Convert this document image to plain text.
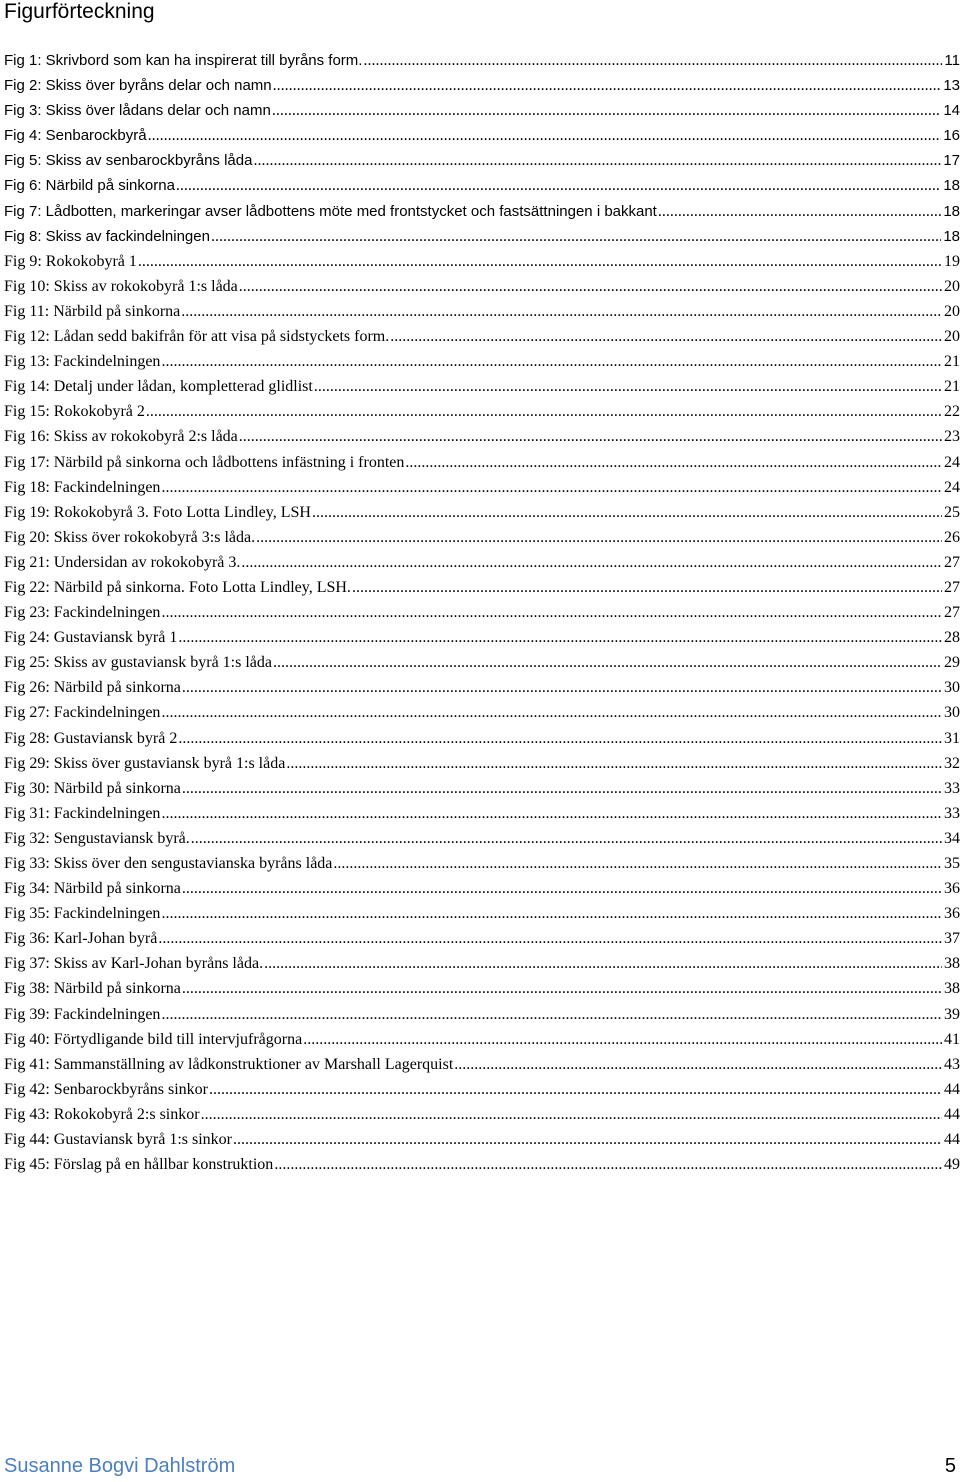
Figurförteckning
Fig 1: Skrivbord som kan ha inspirerat till byråns form. .....	11
Fig 2: Skiss över byråns delar och namn .....	13
Fig 3: Skiss över lådans delar och namn .....	14
Fig 4: Senbarockbyrå .....	16
Fig 5: Skiss av senbarockbyråns låda .....	17
Fig 6: Närbild på sinkorna .....	18
Fig 7: Lådbotten, markeringar avser lådbottens möte med frontstycket och fastsättningen i bakkant .....	18
Fig 8: Skiss av fackindelningen .....	18
Fig 9: Rokokobyrå 1 .....	19
Fig 10: Skiss av rokokobyrå 1:s låda .....	20
Fig 11: Närbild på sinkorna .....	20
Fig 12: Lådan sedd bakifrån för att visa på sidstyckets form. .....	20
Fig 13: Fackindelningen .....	21
Fig 14: Detalj under lådan, kompletterad glidlist .....	21
Fig 15: Rokokobyrå 2 .....	22
Fig 16: Skiss av rokokobyrå 2:s låda .....	23
Fig 17: Närbild på sinkorna och lådbottens infästning i fronten .....	24
Fig 18: Fackindelningen .....	24
Fig 19: Rokokobyrå 3. Foto Lotta Lindley, LSH .....	25
Fig 20: Skiss över rokokobyrå 3:s låda. .....	26
Fig 21: Undersidan av rokokobyrå 3. .....	27
Fig 22: Närbild på sinkorna. Foto Lotta Lindley, LSH. .....	27
Fig 23: Fackindelningen .....	27
Fig 24: Gustaviansk byrå 1 .....	28
Fig 25: Skiss av gustaviansk byrå 1:s låda .....	29
Fig 26: Närbild på sinkorna .....	30
Fig 27: Fackindelningen .....	30
Fig 28: Gustaviansk byrå 2 .....	31
Fig 29: Skiss över gustaviansk byrå 1:s låda .....	32
Fig 30: Närbild på sinkorna .....	33
Fig 31: Fackindelningen .....	33
Fig 32: Sengustaviansk byrå. .....	34
Fig 33: Skiss över den sengustavianska byråns låda .....	35
Fig 34: Närbild på sinkorna .....	36
Fig 35: Fackindelningen .....	36
Fig 36: Karl-Johan byrå .....	37
Fig 37: Skiss av Karl-Johan byråns låda. .....	38
Fig 38: Närbild på sinkorna .....	38
Fig 39: Fackindelningen .....	39
Fig 40: Förtydligande bild till intervjufrågorna .....	41
Fig 41: Sammanställning av lådkonstruktioner av Marshall Lagerquist .....	43
Fig 42: Senbarockbyråns sinkor .....	44
Fig 43: Rokokobyrå 2:s sinkor .....	44
Fig 44: Gustaviansk byrå 1:s sinkor .....	44
Fig 45: Förslag på en hållbar konstruktion .....	49
Susanne Bogvi Dahlström	5
